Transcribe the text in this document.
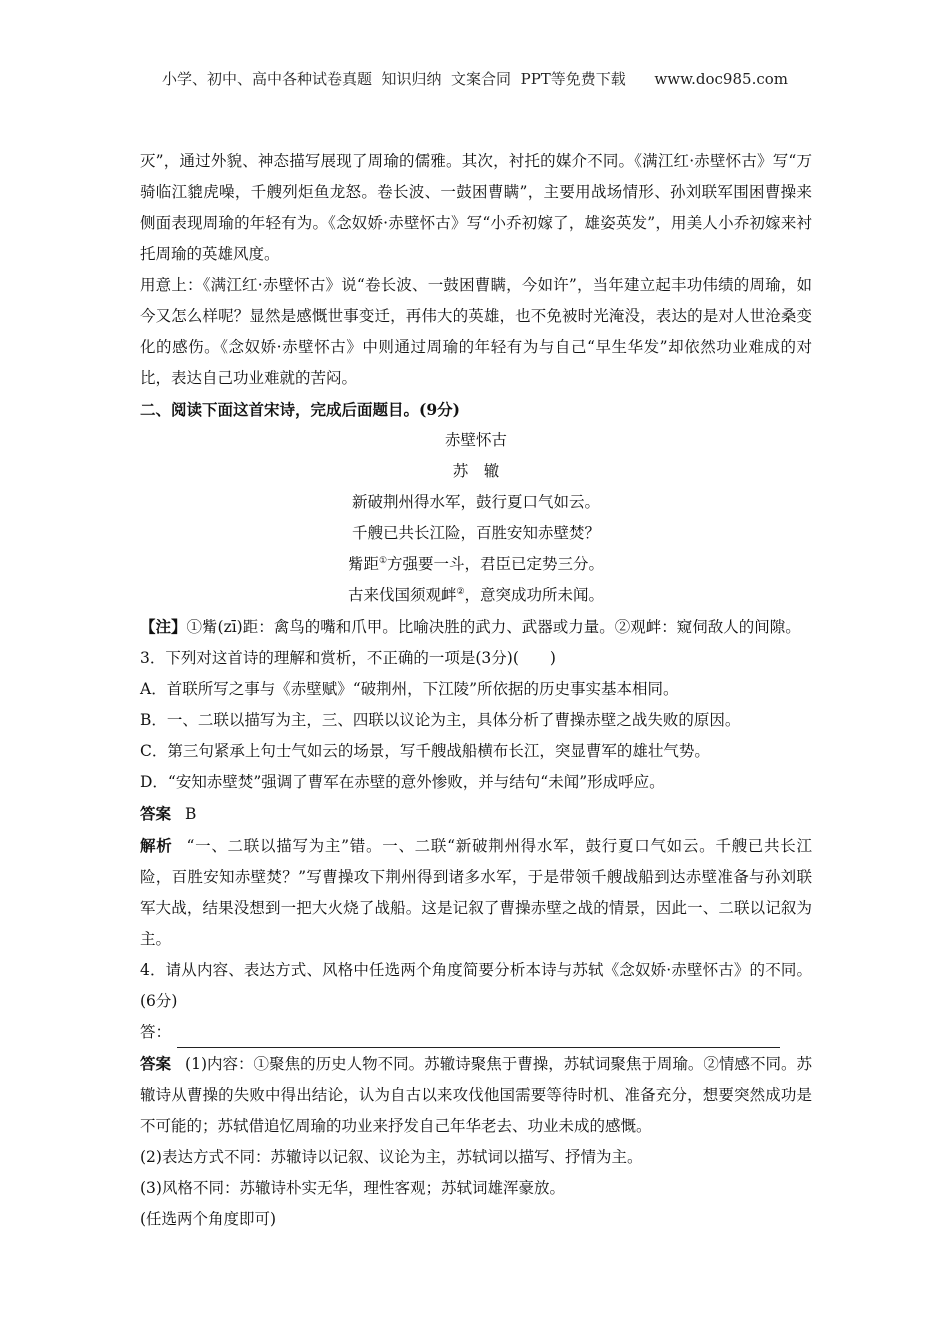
小学、初中、高中各种试卷真题  知识归纳  文案合同  PPT等免费下载      www.doc985.com

灭”，通过外貌、神态描写展现了周瑜的儒雅。其次，衬托的媒介不同。《满江红·赤壁怀古》写“万骑临江貔虎噪，千艘列炬鱼龙怒。卷长波、一鼓困曹瞒”，主要用战场情形、孙刘联军围困曹操来侧面表现周瑜的年轻有为。《念奴娇·赤壁怀古》写“小乔初嫁了，雄姿英发”，用美人小乔初嫁来衬托周瑜的英雄风度。

用意上：《满江红·赤壁怀古》说“卷长波、一鼓困曹瞒，今如许”，当年建立起丰功伟绩的周瑜，如今又怎么样呢？显然是感慨世事变迁，再伟大的英雄，也不免被时光淹没，表达的是对人世沧桑变化的感伤。《念奴娇·赤壁怀古》中则通过周瑜的年轻有为与自己“早生华发”却依然功业难成的对比，表达自己功业难就的苦闷。

二、阅读下面这首宋诗，完成后面题目。(9分)

赤壁怀古

苏　辙

新破荆州得水军，鼓行夏口气如云。

千艘已共长江险，百胜安知赤壁焚？

觜距①方强要一斗，君臣已定势三分。

古来伐国须观衅②，意突成功所未闻。

【注】①觜(zī)距：禽鸟的嘴和爪甲。比喻决胜的武力、武器或力量。②观衅：窥伺敌人的间隙。

3．下列对这首诗的理解和赏析，不正确的一项是(3分)(　　)

A．首联所写之事与《赤壁赋》“破荆州，下江陵”所依据的历史事实基本相同。

B．一、二联以描写为主，三、四联以议论为主，具体分析了曹操赤壁之战失败的原因。

C．第三句紧承上句士气如云的场景，写千艘战船横布长江，突显曹军的雄壮气势。

D．“安知赤壁焚”强调了曹军在赤壁的意外惨败，并与结句“未闻”形成呼应。

答案 B

解析 “一、二联以描写为主”错。一、二联“新破荆州得水军，鼓行夏口气如云。千艘已共长江险，百胜安知赤壁焚？”写曹操攻下荆州得到诸多水军，于是带领千艘战船到达赤壁准备与孙刘联军大战，结果没想到一把大火烧了战船。这是记叙了曹操赤壁之战的情景，因此一、二联以记叙为主。

4．请从内容、表达方式、风格中任选两个角度简要分析本诗与苏轼《念奴娇·赤壁怀古》的不同。(6分)

答：

答案 (1)内容：①聚焦的历史人物不同。苏辙诗聚焦于曹操，苏轼词聚焦于周瑜。②情感不同。苏辙诗从曹操的失败中得出结论，认为自古以来攻伐他国需要等待时机、准备充分，想要突然成功是不可能的；苏轼借追忆周瑜的功业来抒发自己年华老去、功业未成的感慨。

(2)表达方式不同：苏辙诗以记叙、议论为主，苏轼词以描写、抒情为主。

(3)风格不同：苏辙诗朴实无华，理性客观；苏轼词雄浑豪放。

(任选两个角度即可)
